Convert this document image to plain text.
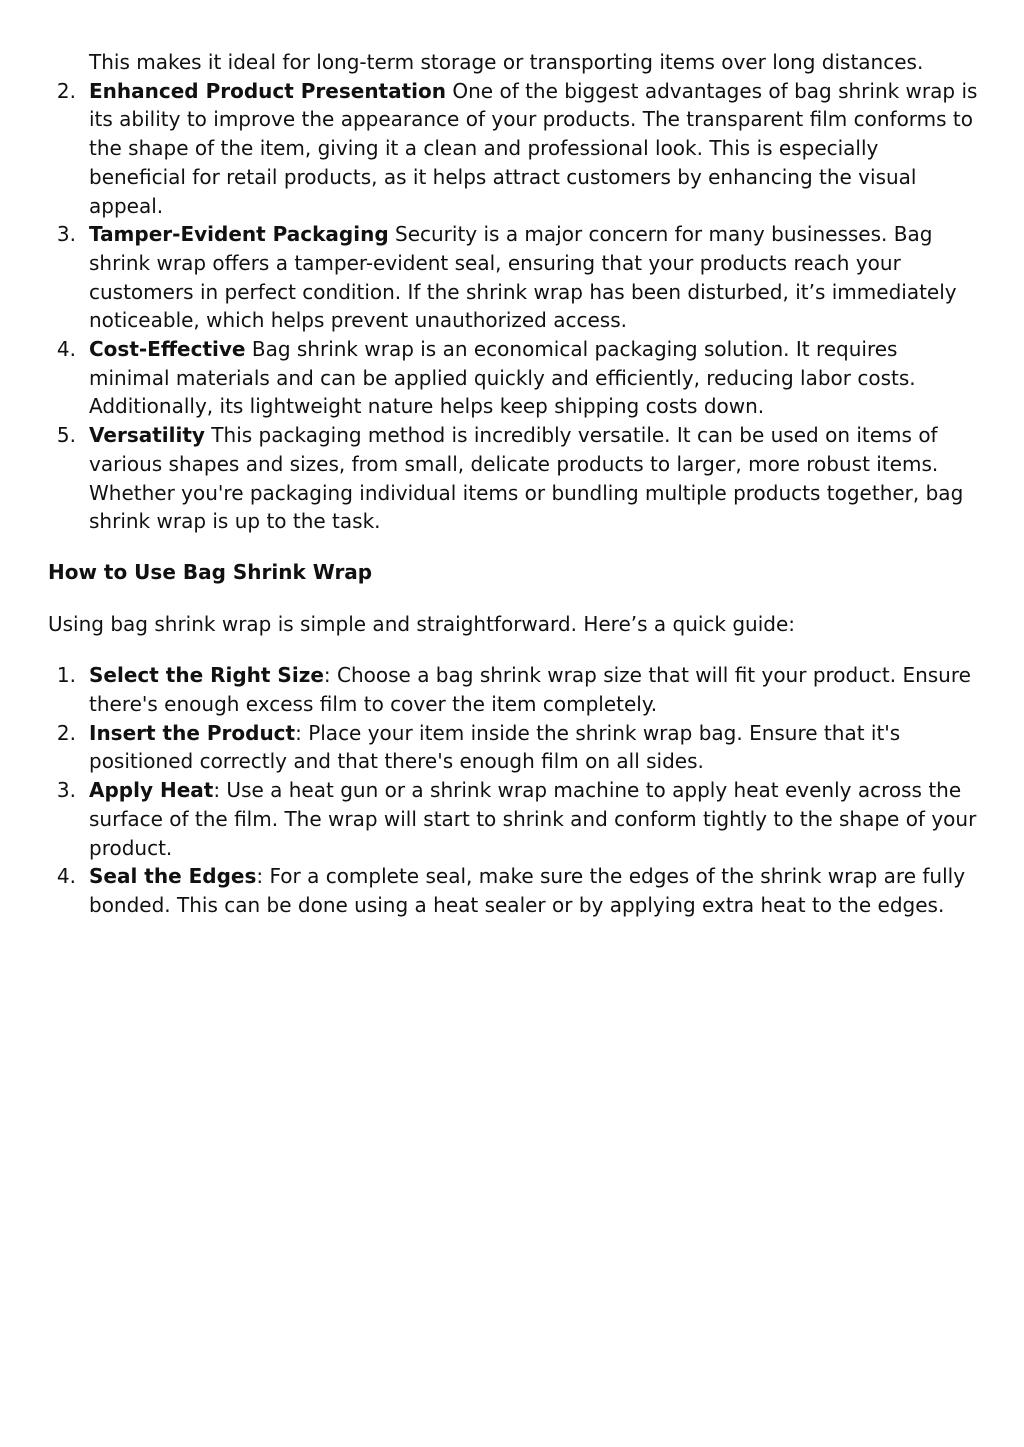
This makes it ideal for long-term storage or transporting items over long distances.

2. Enhanced Product Presentation One of the biggest advantages of bag shrink wrap is its ability to improve the appearance of your products. The transparent film conforms to the shape of the item, giving it a clean and professional look. This is especially beneficial for retail products, as it helps attract customers by enhancing the visual appeal.
3. Tamper-Evident Packaging Security is a major concern for many businesses. Bag shrink wrap offers a tamper-evident seal, ensuring that your products reach your customers in perfect condition. If the shrink wrap has been disturbed, it’s immediately noticeable, which helps prevent unauthorized access.
4. Cost-Effective Bag shrink wrap is an economical packaging solution. It requires minimal materials and can be applied quickly and efficiently, reducing labor costs. Additionally, its lightweight nature helps keep shipping costs down.
5. Versatility This packaging method is incredibly versatile. It can be used on items of various shapes and sizes, from small, delicate products to larger, more robust items. Whether you're packaging individual items or bundling multiple products together, bag shrink wrap is up to the task.

How to Use Bag Shrink Wrap

Using bag shrink wrap is simple and straightforward. Here’s a quick guide:

1. Select the Right Size: Choose a bag shrink wrap size that will fit your product. Ensure there's enough excess film to cover the item completely.
2. Insert the Product: Place your item inside the shrink wrap bag. Ensure that it's positioned correctly and that there's enough film on all sides.
3. Apply Heat: Use a heat gun or a shrink wrap machine to apply heat evenly across the surface of the film. The wrap will start to shrink and conform tightly to the shape of your product.
4. Seal the Edges: For a complete seal, make sure the edges of the shrink wrap are fully bonded. This can be done using a heat sealer or by applying extra heat to the edges.
